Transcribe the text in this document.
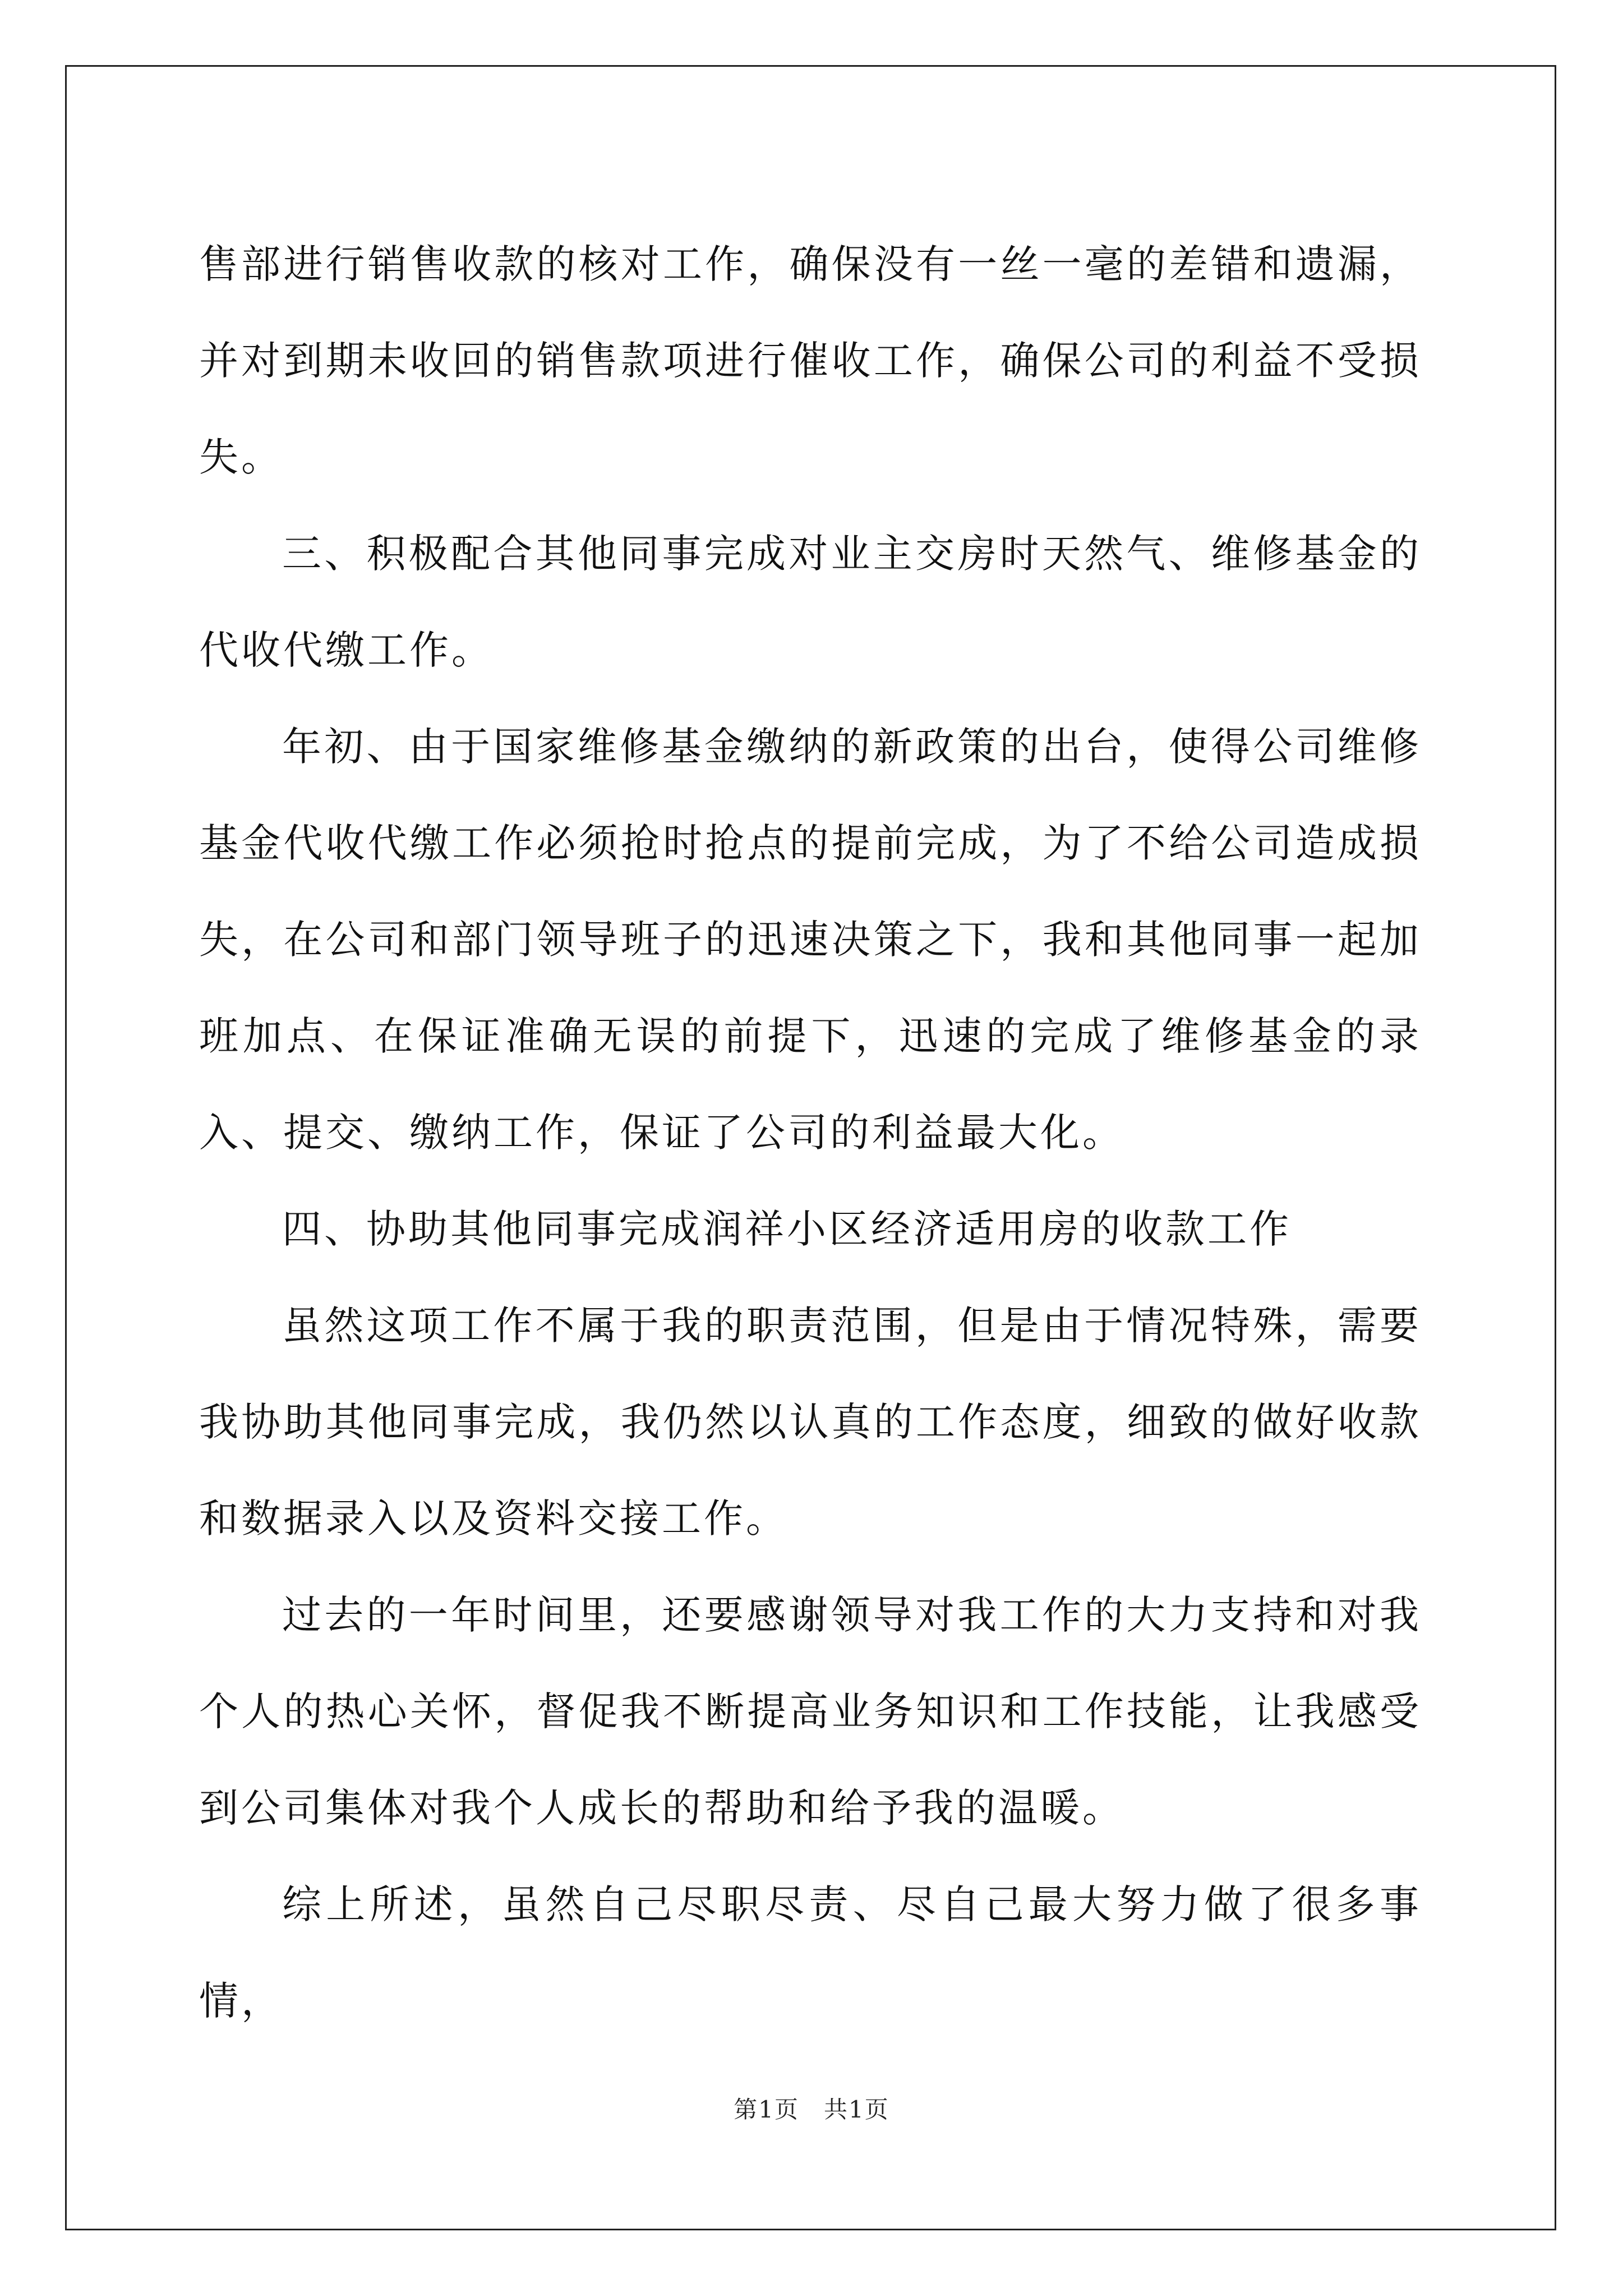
售部进行销售收款的核对工作，确保没有一丝一毫的差错和遗漏，并对到期未收回的销售款项进行催收工作，确保公司的利益不受损失。

三、积极配合其他同事完成对业主交房时天然气、维修基金的代收代缴工作。

年初、由于国家维修基金缴纳的新政策的出台，使得公司维修基金代收代缴工作必须抢时抢点的提前完成，为了不给公司造成损失，在公司和部门领导班子的迅速决策之下，我和其他同事一起加班加点、在保证准确无误的前提下，迅速的完成了维修基金的录入、提交、缴纳工作，保证了公司的利益最大化。

四、协助其他同事完成润祥小区经济适用房的收款工作

虽然这项工作不属于我的职责范围，但是由于情况特殊，需要我协助其他同事完成，我仍然以认真的工作态度，细致的做好收款和数据录入以及资料交接工作。

过去的一年时间里，还要感谢领导对我工作的大力支持和对我个人的热心关怀，督促我不断提高业务知识和工作技能，让我感受到公司集体对我个人成长的帮助和给予我的温暖。

综上所述，虽然自己尽职尽责、尽自己最大努力做了很多事情，

第1页　共1页
